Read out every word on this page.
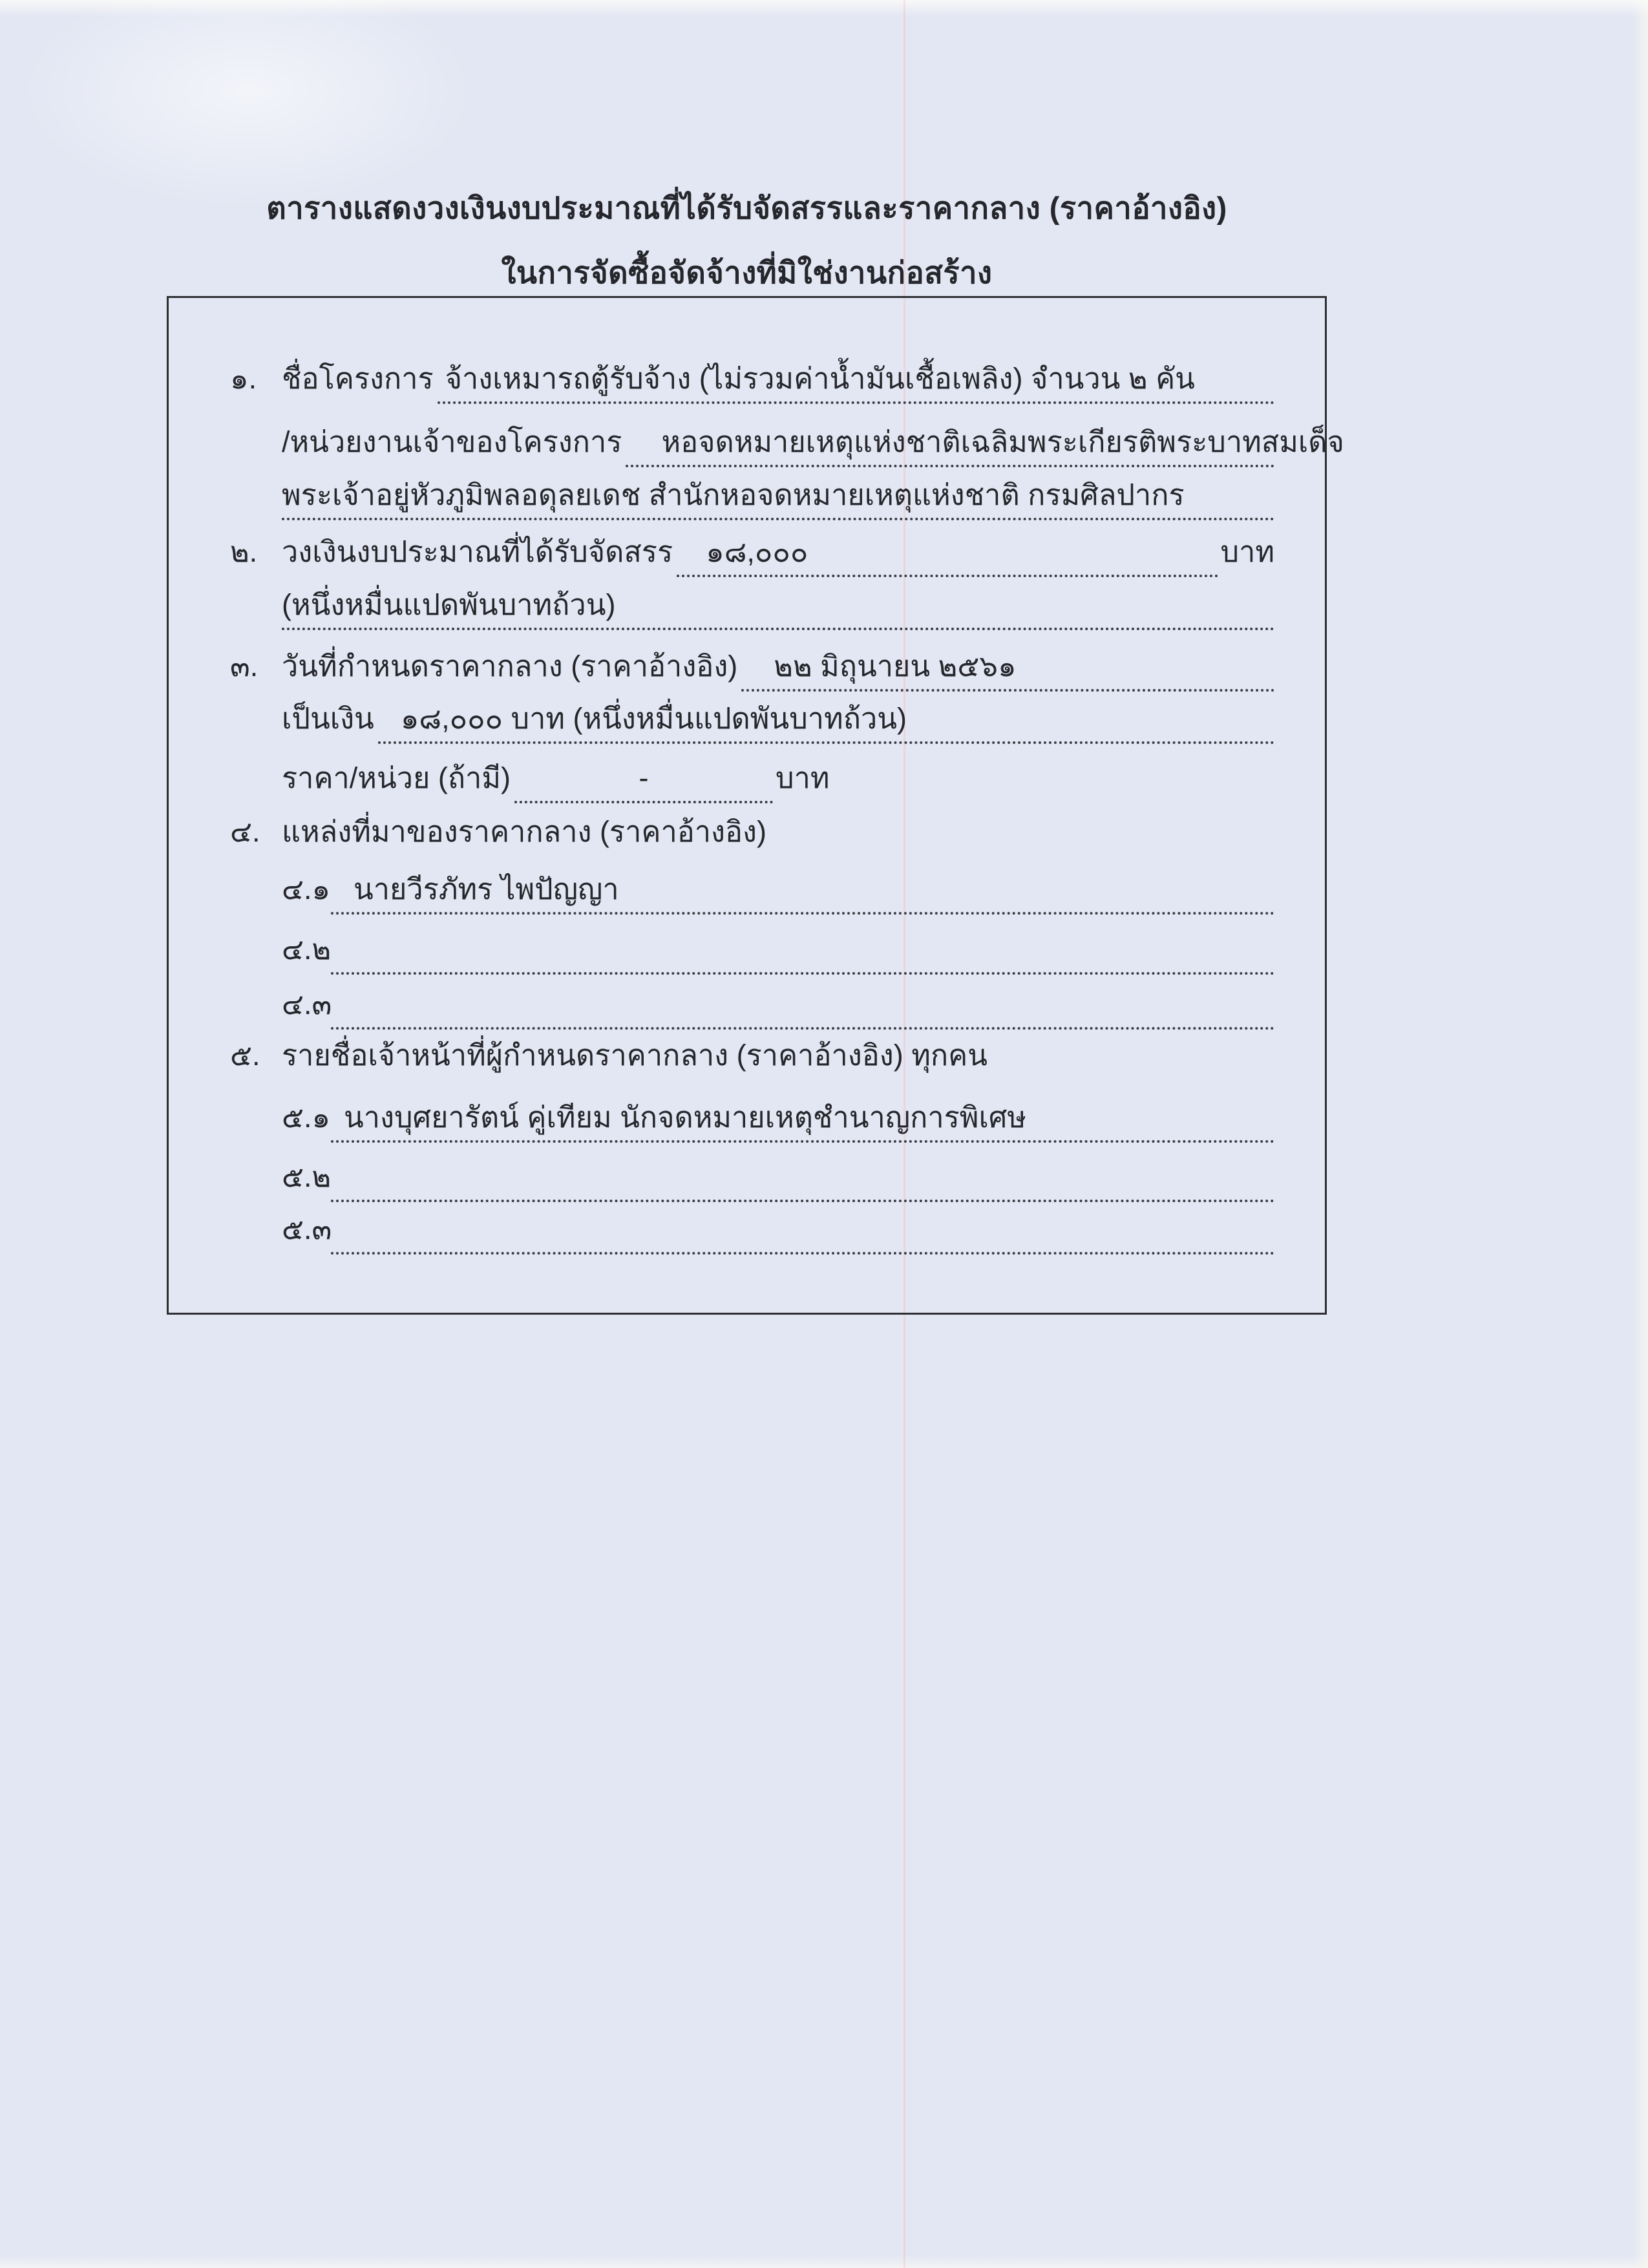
ตารางแสดงวงเงินงบประมาณที่ได้รับจัดสรรและราคากลาง (ราคาอ้างอิง)
ในการจัดซื้อจัดจ้างที่มิใช่งานก่อสร้าง
๑. ชื่อโครงการ จ้างเหมารถตู้รับจ้าง (ไม่รวมค่าน้ำมันเชื้อเพลิง) จำนวน ๒ คัน
/หน่วยงานเจ้าของโครงการ	หอจดหมายเหตุแห่งชาติเฉลิมพระเกียรติพระบาทสมเด็จ
พระเจ้าอยู่หัวภูมิพลอดุลยเดช สำนักหอจดหมายเหตุแห่งชาติ กรมศิลปากร
๒. วงเงินงบประมาณที่ได้รับจัดสรร	๑๘,๐๐๐	บาท
(หนึ่งหมื่นแปดพันบาทถ้วน)
๓. วันที่กำหนดราคากลาง (ราคาอ้างอิง)	๒๒ มิถุนายน ๒๕๖๑
เป็นเงิน ๑๘,๐๐๐ บาท (หนึ่งหมื่นแปดพันบาทถ้วน)
ราคา/หน่วย (ถ้ามี)	-	บาท
๔. แหล่งที่มาของราคากลาง (ราคาอ้างอิง)
๔.๑ นายวีรภัทร ไพปัญญา
๔.๒
๔.๓
๕. รายชื่อเจ้าหน้าที่ผู้กำหนดราคากลาง (ราคาอ้างอิง) ทุกคน
๕.๑ นางบุศยารัตน์ คู่เทียม นักจดหมายเหตุชำนาญการพิเศษ
๕.๒
๕.๓
